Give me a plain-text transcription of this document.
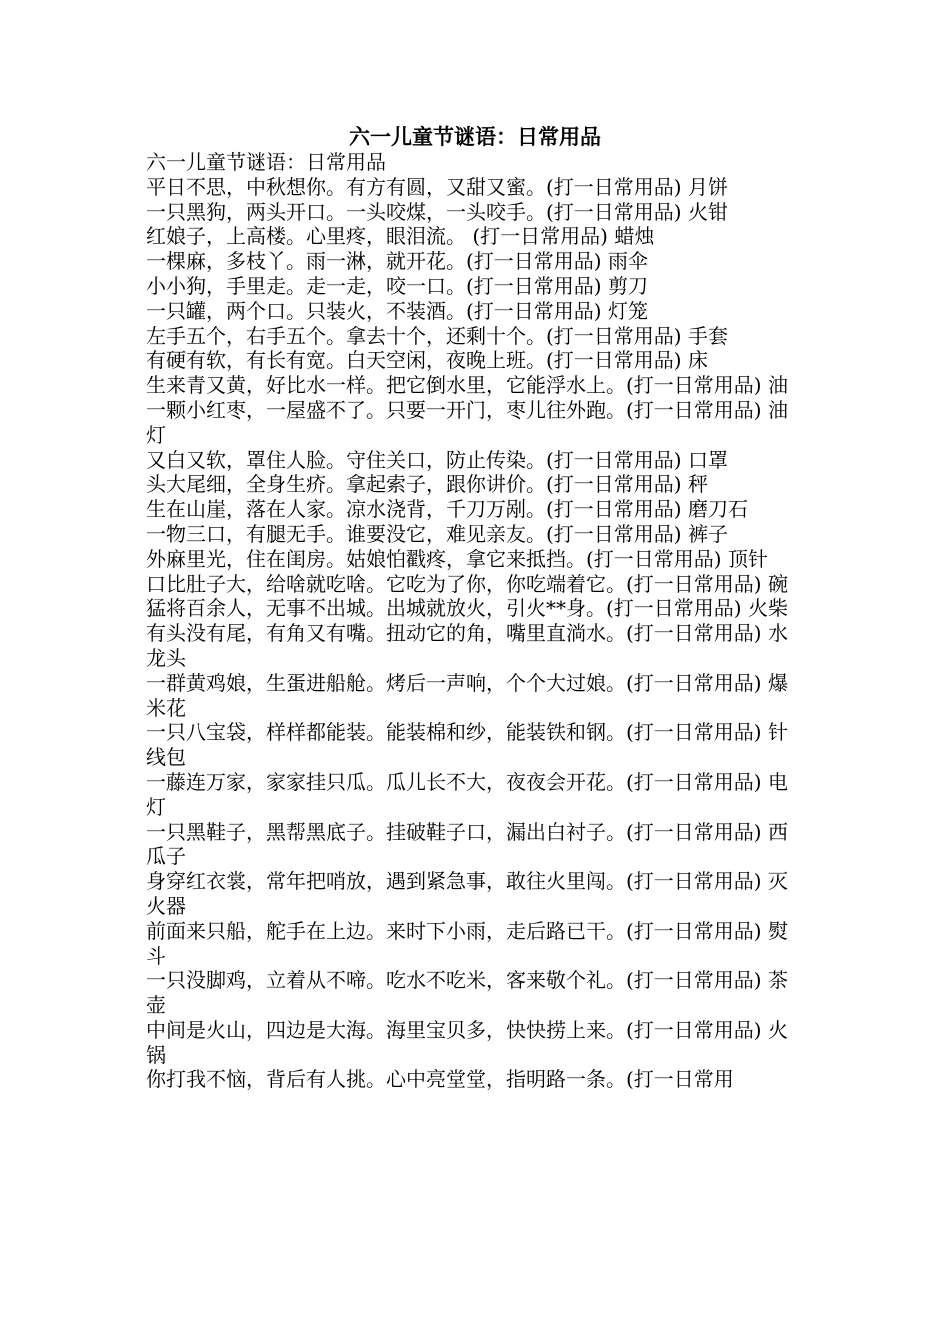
六一儿童节谜语：日常用品
六一儿童节谜语：日常用品
平日不思，中秋想你。有方有圆，又甜又蜜。(打一日常用品) 月饼
一只黑狗，两头开口。一头咬煤，一头咬手。(打一日常用品) 火钳
红娘子，上高楼。心里疼，眼泪流。 (打一日常用品) 蜡烛
一棵麻，多枝丫。雨一淋，就开花。(打一日常用品) 雨伞
小小狗，手里走。走一走，咬一口。(打一日常用品) 剪刀
一只罐，两个口。只装火，不装酒。(打一日常用品) 灯笼
左手五个，右手五个。拿去十个，还剩十个。(打一日常用品) 手套
有硬有软，有长有宽。白天空闲，夜晚上班。(打一日常用品) 床
生来青又黄，好比水一样。把它倒水里，它能浮水上。(打一日常用品) 油
一颗小红枣，一屋盛不了。只要一开门，枣儿往外跑。(打一日常用品) 油灯
又白又软，罩住人脸。守住关口，防止传染。(打一日常用品) 口罩
头大尾细，全身生疥。拿起索子，跟你讲价。(打一日常用品) 秤
生在山崖，落在人家。凉水浇背，千刀万剐。(打一日常用品) 磨刀石
一物三口，有腿无手。谁要没它，难见亲友。(打一日常用品) 裤子
外麻里光，住在闺房。姑娘怕戳疼，拿它来抵挡。(打一日常用品) 顶针
口比肚子大，给啥就吃啥。它吃为了你，你吃端着它。(打一日常用品) 碗
猛将百余人，无事不出城。出城就放火，引火**身。(打一日常用品) 火柴
有头没有尾，有角又有嘴。扭动它的角，嘴里直淌水。(打一日常用品) 水龙头
一群黄鸡娘，生蛋进船舱。烤后一声响，个个大过娘。(打一日常用品) 爆米花
一只八宝袋，样样都能装。能装棉和纱，能装铁和钢。(打一日常用品) 针线包
一藤连万家，家家挂只瓜。瓜儿长不大，夜夜会开花。(打一日常用品) 电灯
一只黑鞋子，黑帮黑底子。挂破鞋子口，漏出白衬子。(打一日常用品) 西瓜子
身穿红衣裳，常年把哨放，遇到紧急事，敢往火里闯。(打一日常用品) 灭火器
前面来只船，舵手在上边。来时下小雨，走后路已干。(打一日常用品) 熨斗
一只没脚鸡，立着从不啼。吃水不吃米，客来敬个礼。(打一日常用品) 茶壶
中间是火山，四边是大海。海里宝贝多，快快捞上来。(打一日常用品) 火锅
你打我不恼，背后有人挑。心中亮堂堂，指明路一条。(打一日常用
